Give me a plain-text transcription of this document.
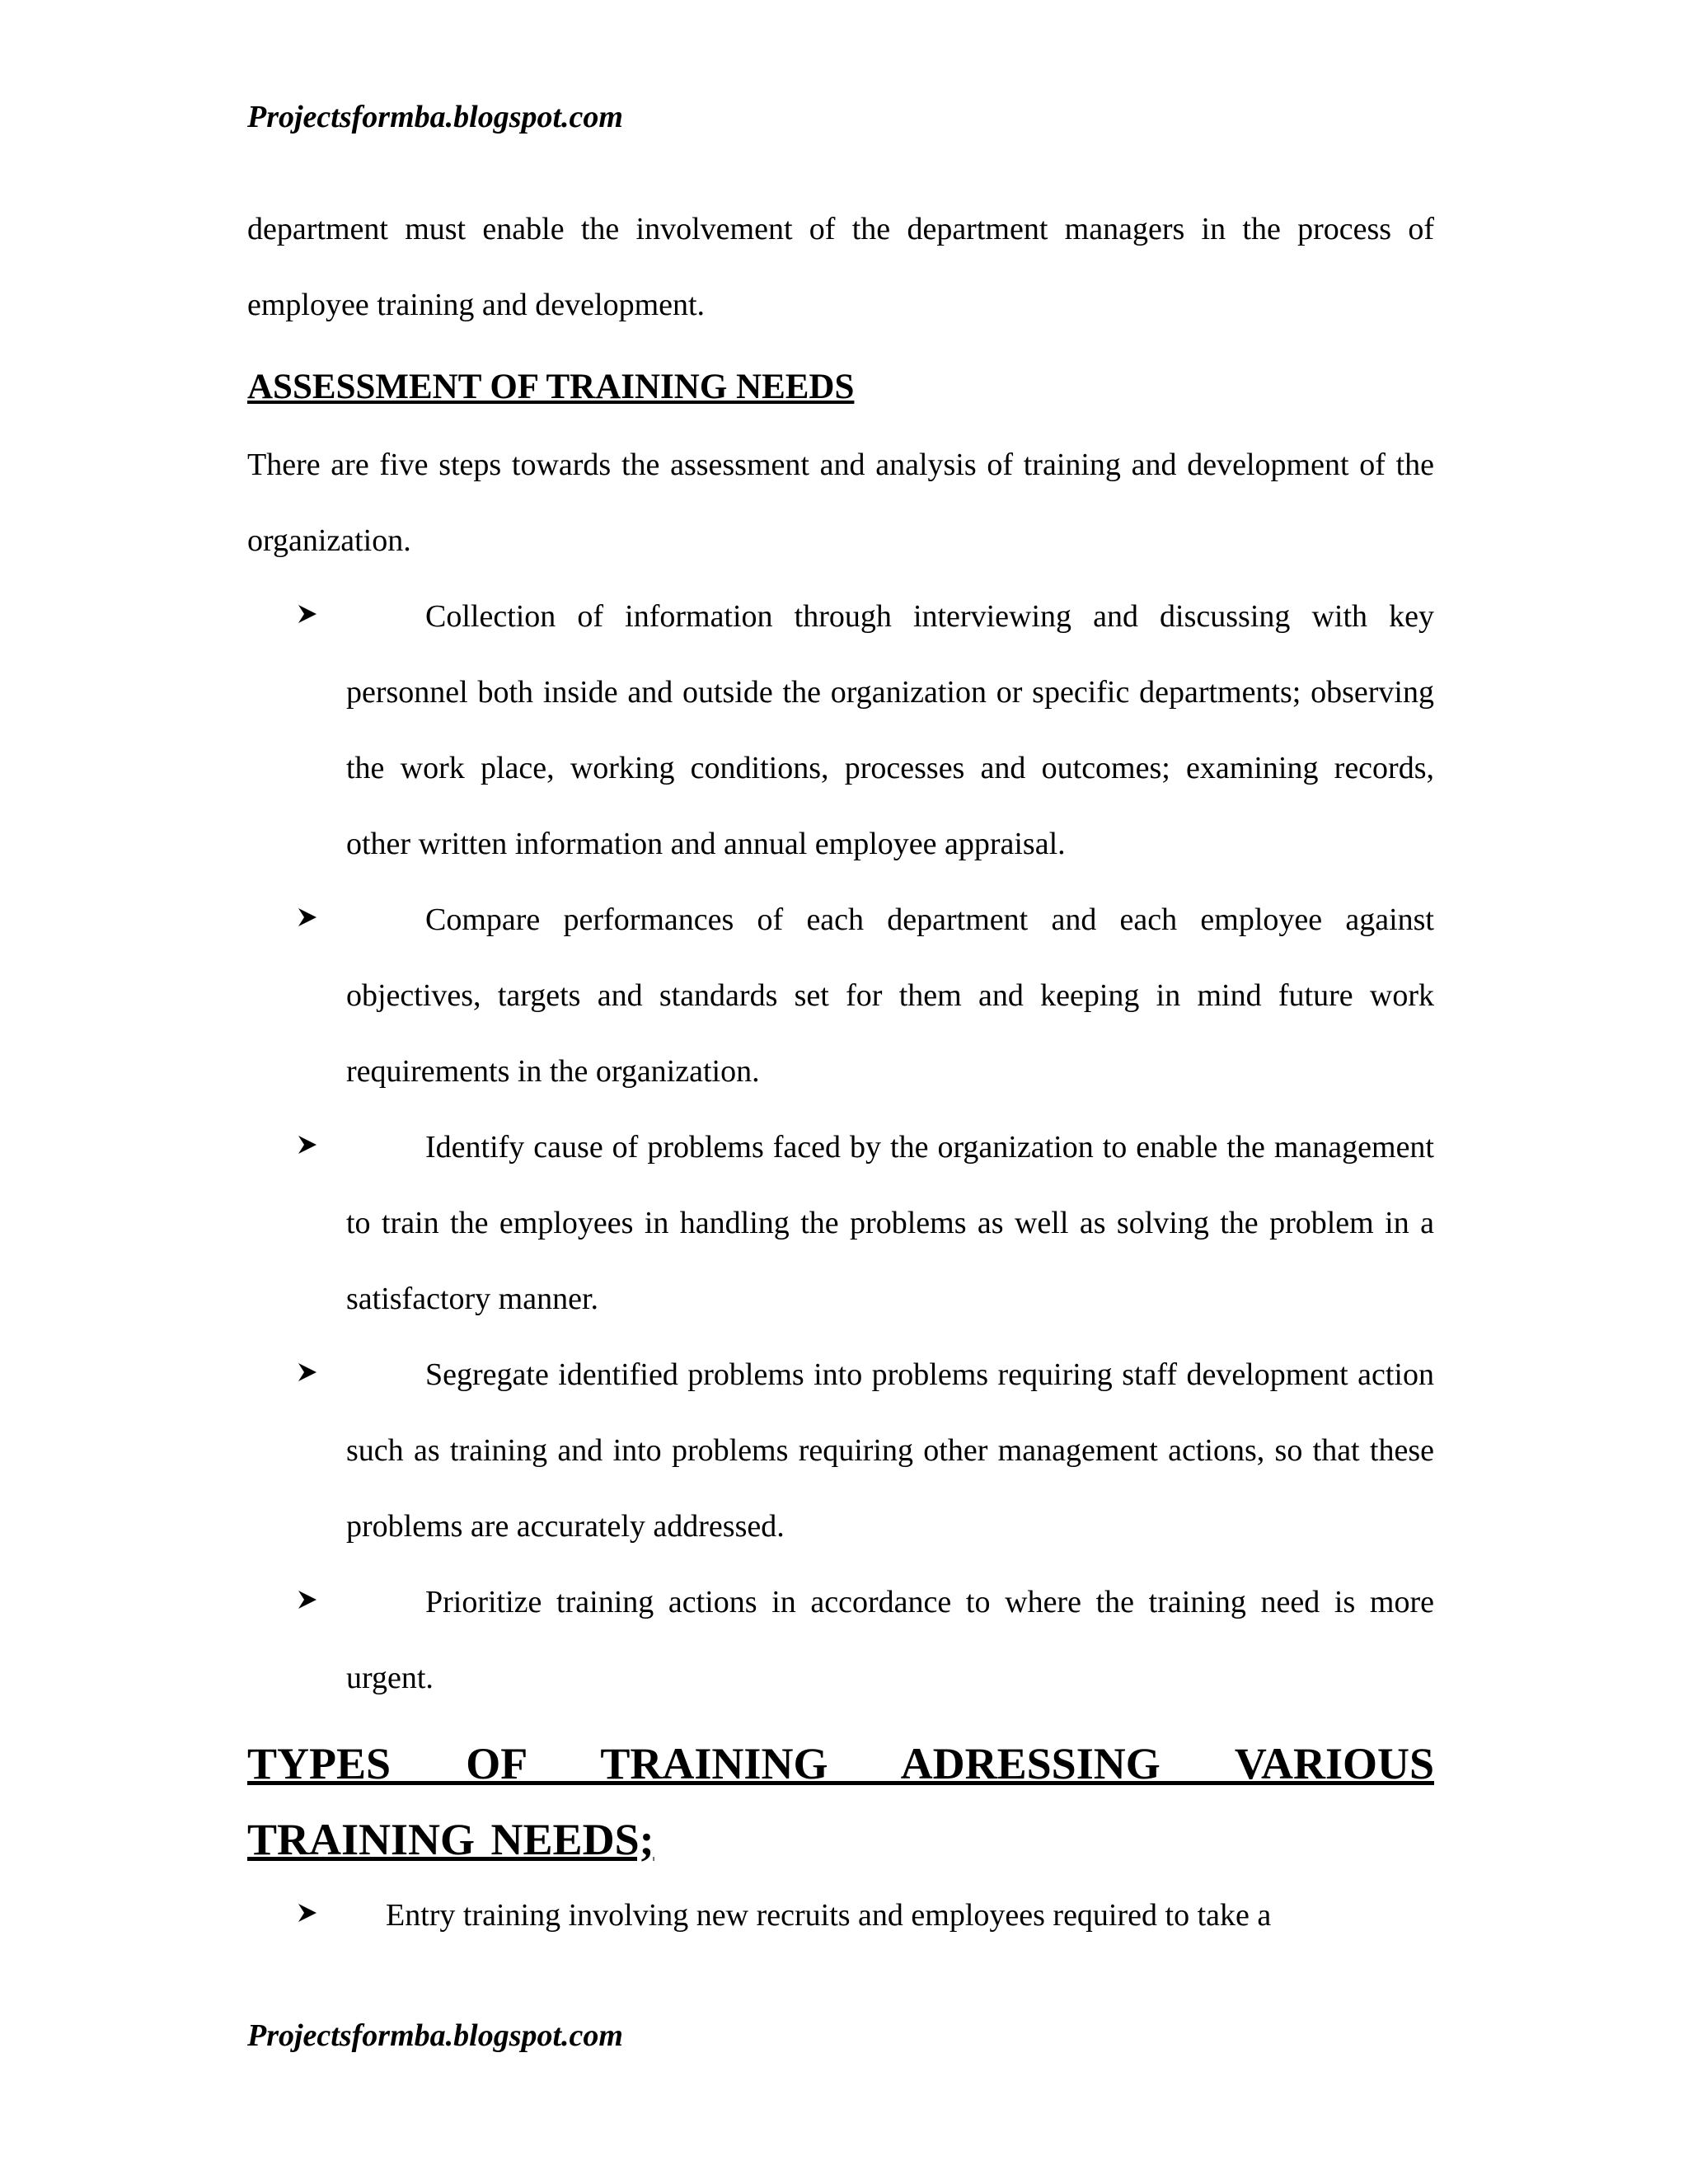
Projectsformba.blogspot.com

department must enable the involvement of the department managers in the process of employee training and development.

ASSESSMENT OF TRAINING NEEDS

There are five steps towards the assessment and analysis of training and development of the organization.

Collection of information through interviewing and discussing with key personnel both inside and outside the organization or specific departments; observing the work place, working conditions, processes and outcomes; examining records, other written information and annual employee appraisal.
Compare performances of each department and each employee against objectives, targets and standards set for them and keeping in mind future work requirements in the organization.
Identify cause of problems faced by the organization to enable the management to train the employees in handling the problems as well as solving the problem in a satisfactory manner.
Segregate identified problems into problems requiring staff development action such as training and into problems requiring other management actions, so that these problems are accurately addressed.
Prioritize training actions in accordance to where the training need is more urgent.
TYPES OF TRAINING ADRESSING VARIOUS TRAINING NEEDS;
Entry training involving new recruits and employees required to take a

Projectsformba.blogspot.com
